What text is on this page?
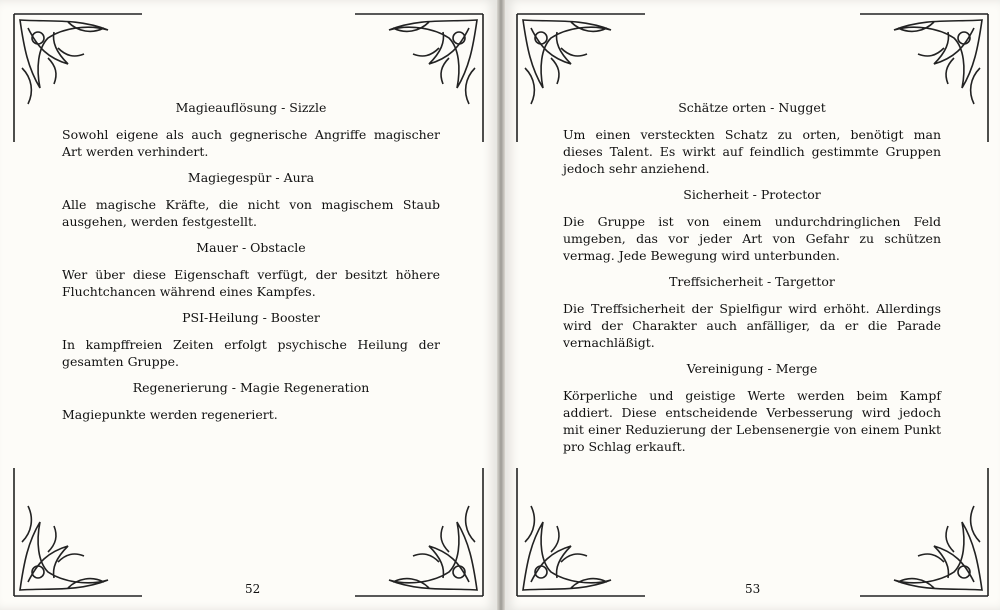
Magieauflösung - Sizzle

Sowohl eigene als auch gegnerische Angriffe magischer Art werden verhindert.

Magiegespür - Aura

Alle magische Kräfte, die nicht von magischem Staub ausgehen, werden festgestellt.

Mauer - Obstacle

Wer über diese Eigenschaft verfügt, der besitzt höhere Fluchtchancen während eines Kampfes.

PSI-Heilung - Booster

In kampffreien Zeiten erfolgt psychische Heilung der gesamten Gruppe.

Regenerierung - Magie Regeneration

Magiepunkte werden regeneriert.

52

Schätze orten - Nugget

Um einen versteckten Schatz zu orten, benötigt man dieses Talent. Es wirkt auf feindlich gestimmte Gruppen jedoch sehr anziehend.

Sicherheit - Protector

Die Gruppe ist von einem undurchdringlichen Feld umgeben, das vor jeder Art von Gefahr zu schützen vermag. Jede Bewegung wird unterbunden.

Treffsicherheit - Targettor

Die Treffsicherheit der Spielfigur wird erhöht. Allerdings wird der Charakter auch anfälliger, da er die Parade vernachläßigt.

Vereinigung - Merge

Körperliche und geistige Werte werden beim Kampf addiert. Diese entscheidende Verbesserung wird jedoch mit einer Reduzierung der Lebensenergie von einem Punkt pro Schlag erkauft.

53
